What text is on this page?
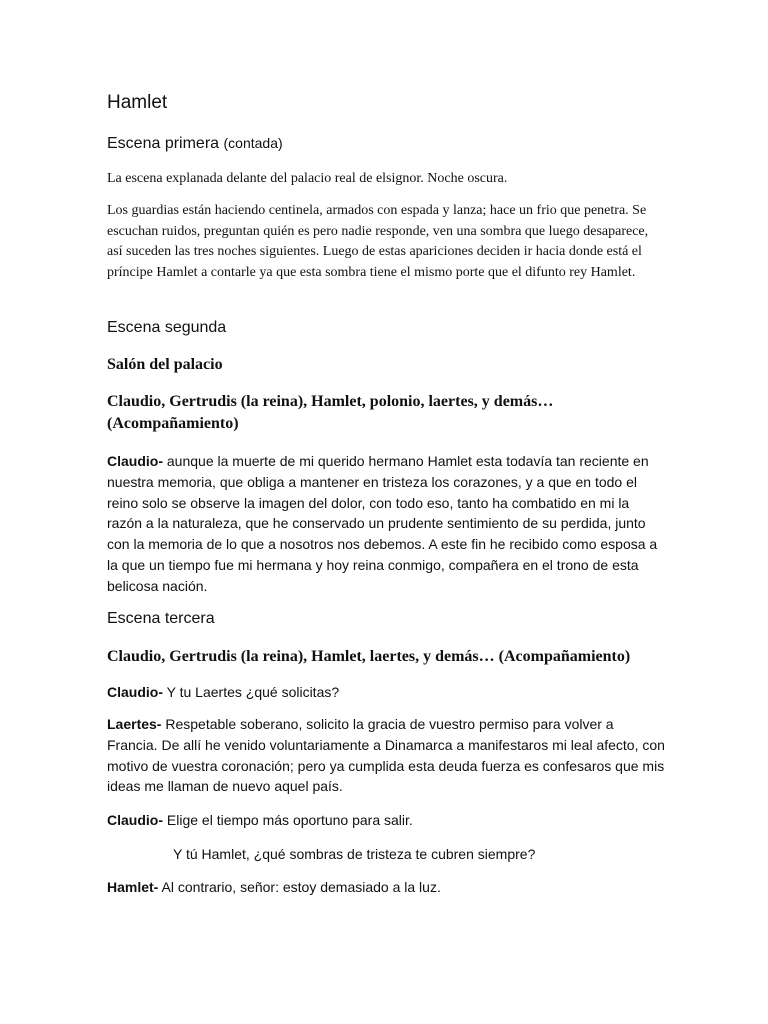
Hamlet
Escena primera (contada)

La escena explanada delante del palacio real de elsignor. Noche oscura.

Los guardias están haciendo centinela, armados con espada y lanza; hace un frio que penetra. Se escuchan ruidos, preguntan quién es pero nadie responde, ven una sombra que luego desaparece, así suceden las tres noches siguientes. Luego de estas apariciones deciden ir hacia donde está el príncipe Hamlet a contarle ya que esta sombra tiene el mismo porte que el difunto rey Hamlet.

Escena segunda

Salón del palacio

Claudio, Gertrudis (la reina), Hamlet, polonio, laertes, y demás… (Acompañamiento)

Claudio- aunque la muerte de mi querido hermano Hamlet esta todavía tan reciente en nuestra memoria, que obliga a mantener en tristeza los corazones, y a que en todo el reino solo se observe la imagen del dolor, con todo eso, tanto ha combatido en mi la razón a la naturaleza, que he conservado un prudente sentimiento de su perdida, junto con la memoria de lo que a nosotros nos debemos. A este fin he recibido como esposa a la que un tiempo fue mi hermana y hoy reina conmigo, compañera en el trono de esta belicosa nación.

Escena tercera

Claudio, Gertrudis (la reina), Hamlet, laertes, y demás… (Acompañamiento)

Claudio- Y tu Laertes ¿qué solicitas?

Laertes- Respetable soberano, solicito la gracia de vuestro permiso para volver a Francia. De allí he venido voluntariamente a Dinamarca a manifestaros mi leal afecto, con motivo de vuestra coronación; pero ya cumplida esta deuda fuerza es confesaros que mis ideas me llaman de nuevo aquel país.

Claudio- Elige el tiempo más oportuno para salir.

Y tú Hamlet, ¿qué sombras de tristeza te cubren siempre?

Hamlet- Al contrario, señor: estoy demasiado a la luz.
